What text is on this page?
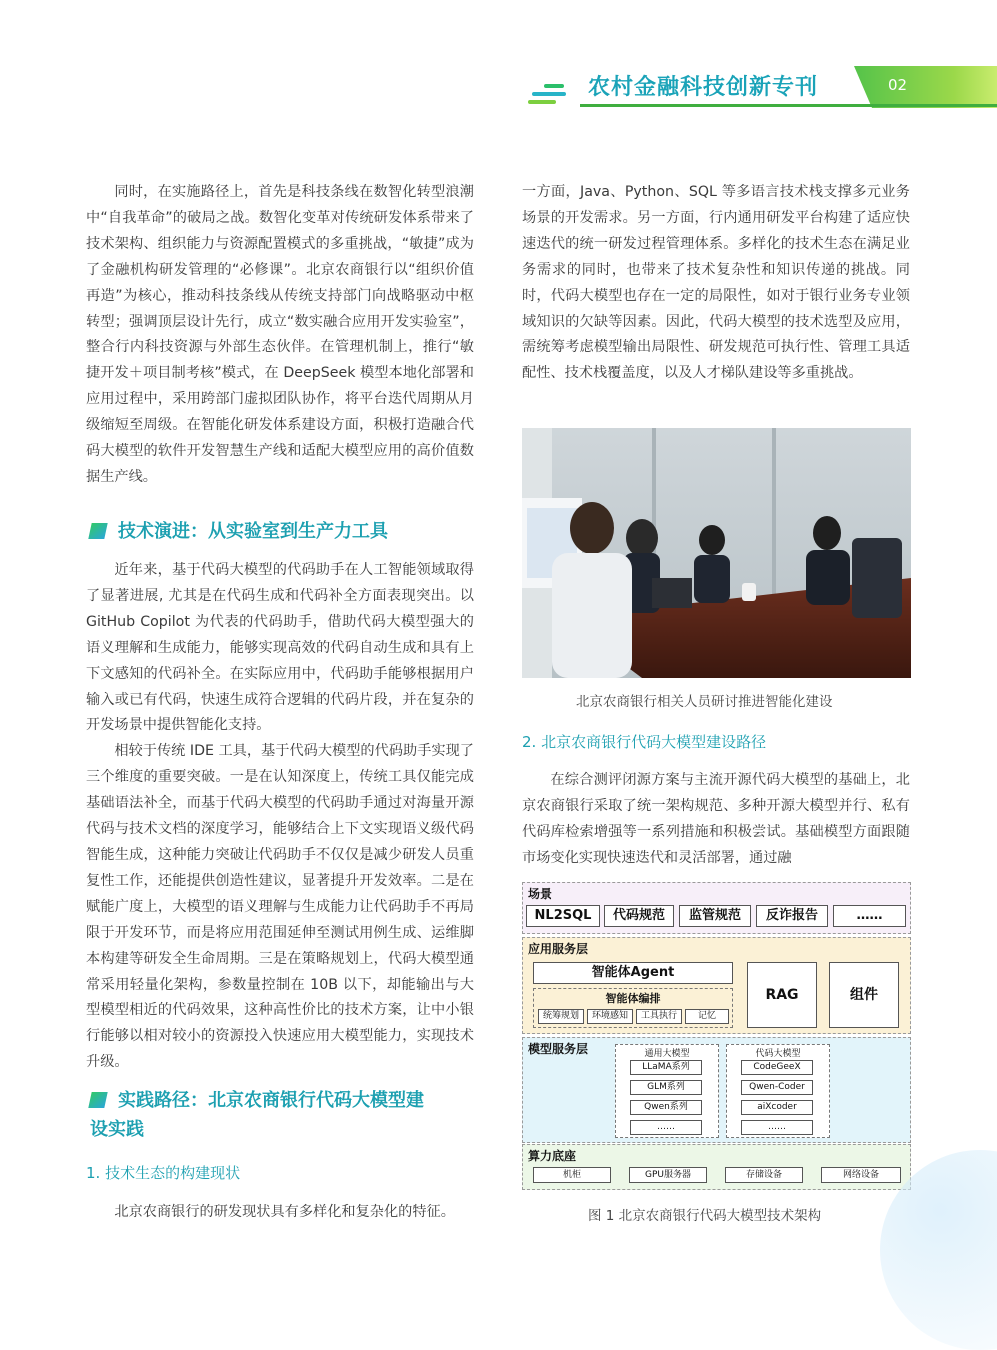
农村金融科技创新专刊	02

同时，在实施路径上，首先是科技条线在数智化转型浪潮中“自我革命”的破局之战。数智化变革对传统研发体系带来了技术架构、组织能力与资源配置模式的多重挑战，“敏捷”成为了金融机构研发管理的“必修课”。北京农商银行以“组织价值再造”为核心，推动科技条线从传统支持部门向战略驱动中枢转型；强调顶层设计先行，成立“数实融合应用开发实验室”，整合行内科技资源与外部生态伙伴。在管理机制上，推行“敏捷开发＋项目制考核”模式，在 DeepSeek 模型本地化部署和应用过程中，采用跨部门虚拟团队协作，将平台迭代周期从月级缩短至周级。在智能化研发体系建设方面，积极打造融合代码大模型的软件开发智慧生产线和适配大模型应用的高价值数据生产线。

技术演进：从实验室到生产力工具

近年来，基于代码大模型的代码助手在人工智能领域取得了显著进展, 尤其是在代码生成和代码补全方面表现突出。以 GitHub Copilot 为代表的代码助手，借助代码大模型强大的语义理解和生成能力，能够实现高效的代码自动生成和具有上下文感知的代码补全。在实际应用中，代码助手能够根据用户输入或已有代码，快速生成符合逻辑的代码片段，并在复杂的开发场景中提供智能化支持。

相较于传统 IDE 工具，基于代码大模型的代码助手实现了三个维度的重要突破。一是在认知深度上，传统工具仅能完成基础语法补全，而基于代码大模型的代码助手通过对海量开源代码与技术文档的深度学习，能够结合上下文实现语义级代码智能生成，这种能力突破让代码助手不仅仅是减少研发人员重复性工作，还能提供创造性建议，显著提升开发效率。二是在赋能广度上，大模型的语义理解与生成能力让代码助手不再局限于开发环节，而是将应用范围延伸至测试用例生成、运维脚本构建等研发全生命周期。三是在策略规划上，代码大模型通常采用轻量化架构，参数量控制在 10B 以下，却能输出与大型模型相近的代码效果，这种高性价比的技术方案，让中小银行能够以相对较小的资源投入快速应用大模型能力，实现技术升级。

实践路径：北京农商银行代码大模型建
设实践
1. 技术生态的构建现状

北京农商银行的研发现状具有多样化和复杂化的特征。

一方面，Java、Python、SQL 等多语言技术栈支撑多元业务场景的开发需求。另一方面，行内通用研发平台构建了适应快速迭代的统一研发过程管理体系。多样化的技术生态在满足业务需求的同时，也带来了技术复杂性和知识传递的挑战。同时，代码大模型也存在一定的局限性，如对于银行业务专业领域知识的欠缺等因素。因此，代码大模型的技术选型及应用，需统筹考虑模型输出局限性、研发规范可执行性、管理工具适配性、技术栈覆盖度，以及人才梯队建设等多重挑战。

北京农商银行相关人员研讨推进智能化建设
2. 北京农商银行代码大模型建设路径

在综合测评闭源方案与主流开源代码大模型的基础上，北京农商银行采取了统一架构规范、多种开源大模型并行、私有代码库检索增强等一系列措施和积极尝试。基础模型方面跟随市场变化实现快速迭代和灵活部署，通过融

场景
NL2SQL	代码规范	监管规范	反诈报告	……
应用服务层
智能体Agent
智能体编排
统筹规划	环境感知	工具执行	记忆
RAG	组件
模型服务层	通用大模型
LLaMA系列
GLM系列
Qwen系列
……
代码大模型
CodeGeeX
Qwen-Coder
aiXcoder
……
算力底座
机柜	GPU服务器	存储设备	网络设备
图 1 北京农商银行代码大模型技术架构
